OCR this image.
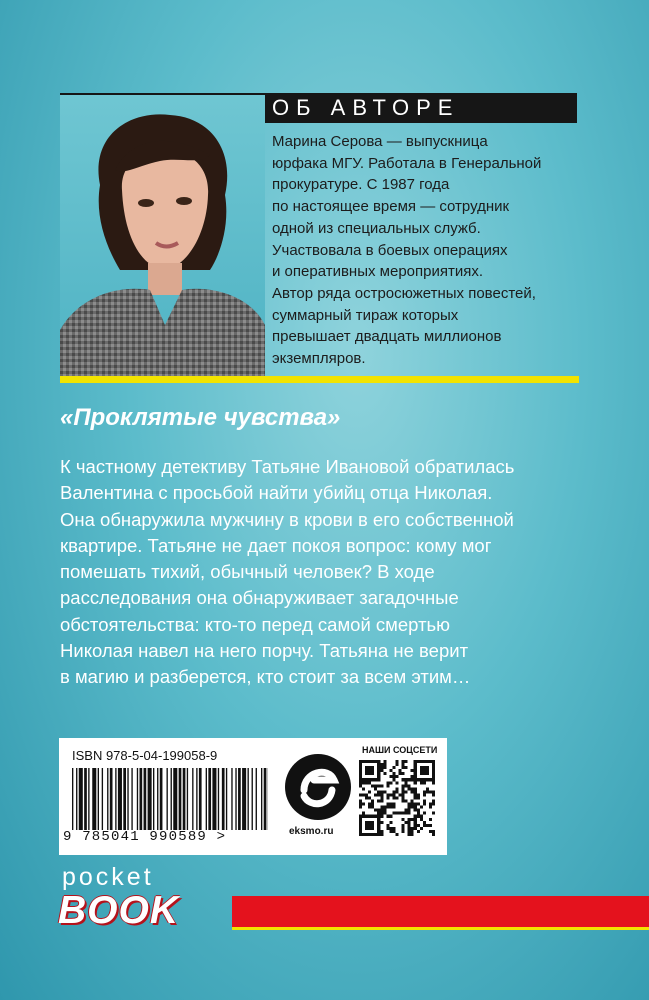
ОБ АВТОРЕ
Марина Серова — выпускница
юрфака МГУ. Работала в Генеральной
прокуратуре. С 1987 года
по настоящее время — сотрудник
одной из специальных служб.
Участвовала в боевых операциях
и оперативных мероприятиях.
Автор ряда остросюжетных повестей,
суммарный тираж которых
превышает двадцать миллионов
экземпляров.
«Проклятые чувства»
К частному детективу Татьяне Ивановой обратилась
Валентина с просьбой найти убийц отца Николая.
Она обнаружила мужчину в крови в его собственной
квартире. Татьяне не дает покоя вопрос: кому мог
помешать тихий, обычный человек? В ходе
расследования она обнаруживает загадочные
обстоятельства: кто-то перед самой смертью
Николая навел на него порчу. Татьяна не верит
в магию и разберется, кто стоит за всем этим…
ISBN 978-5-04-199058-9
9 785041 990589 >	eksmo.ru
НАШИ СОЦСЕТИ
pocket
BOOK
